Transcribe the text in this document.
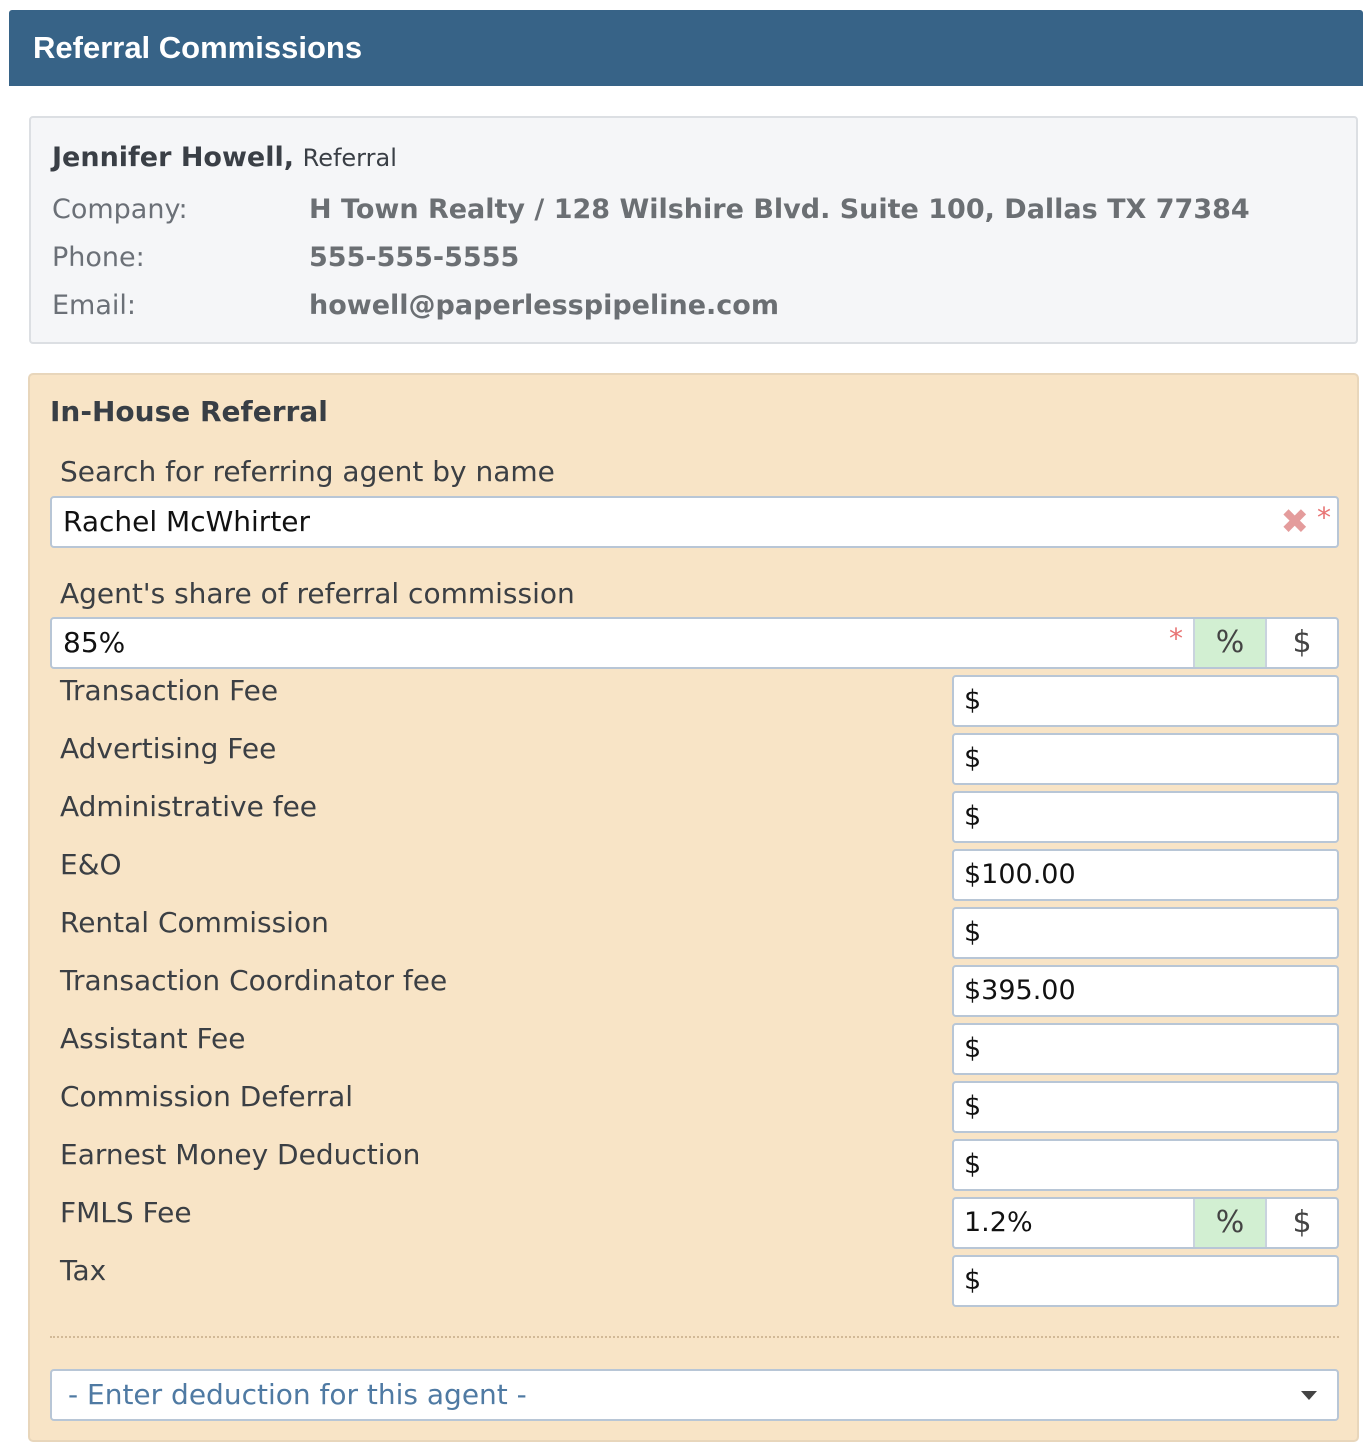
Referral Commissions
Jennifer Howell, Referral
Company:	H Town Realty / 128 Wilshire Blvd. Suite 100, Dallas TX 77384
Phone:	555-555-5555
Email:	howell@paperlesspipeline.com
In-House Referral
Search for referring agent by name
Rachel McWhirter	✖ *
Agent's share of referral commission
85%	*	%	$
Transaction Fee	$
Advertising Fee	$
Administrative fee	$
E&O	$100.00
Rental Commission	$
Transaction Coordinator fee	$395.00
Assistant Fee	$
Commission Deferral	$
Earnest Money Deduction	$
FMLS Fee	1.2%	%	$
Tax	$
- Enter deduction for this agent -
